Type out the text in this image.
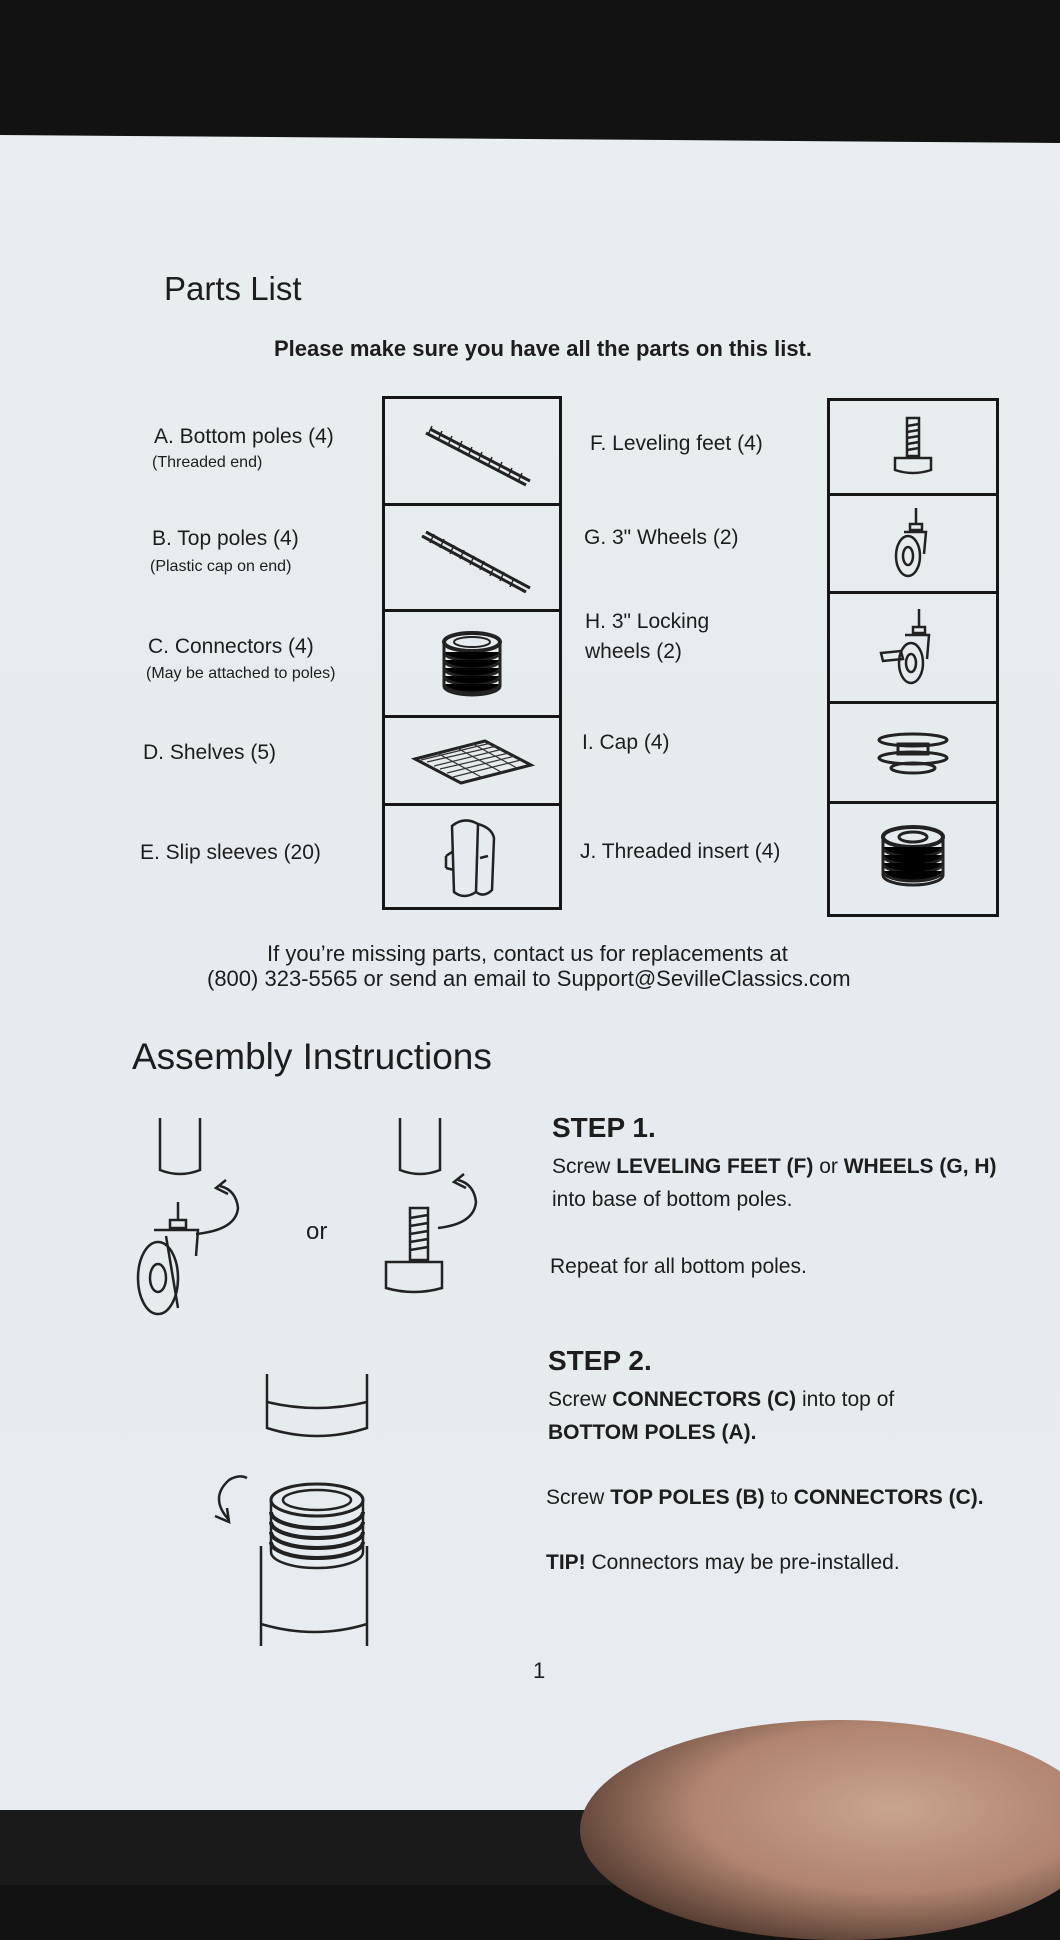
Parts List
Please make sure you have all the parts on this list.
A. Bottom poles (4)
(Threaded end)
B. Top poles (4)
(Plastic cap on end)
C. Connectors (4)
(May be attached to poles)
D. Shelves (5)
E. Slip sleeves (20)
F. Leveling feet (4)
G. 3" Wheels (2)
H. 3" Locking
wheels (2)
I. Cap (4)
J. Threaded insert (4)
If you’re missing parts, contact us for replacements at
(800) 323-5565 or send an email to Support@SevilleClassics.com
Assembly Instructions
or
STEP 1.
Screw LEVELING FEET (F) or WHEELS (G, H)
into base of bottom poles.
Repeat for all bottom poles.
STEP 2.
Screw CONNECTORS (C) into top of
BOTTOM POLES (A).
Screw TOP POLES (B) to CONNECTORS (C).
TIP! Connectors may be pre-installed.
1
